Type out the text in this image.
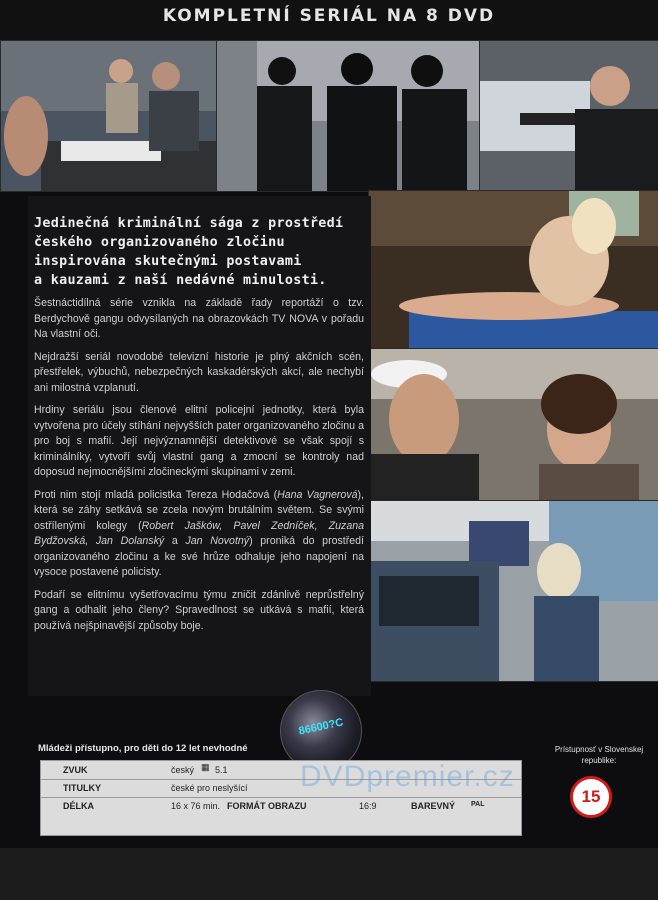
KOMPLETNÍ SERIÁL NA 8 DVD
Jedinečná kriminální sága z prostředí
českého organizovaného zločinu
inspirována skutečnými postavami
a kauzami z naší nedávné minulosti.

Šestnáctidílná série vznikla na základě řady reportáží o tzv. Berdychově gangu odvysílaných na obrazovkách TV NOVA v pořadu Na vlastní oči.

Nejdražší seriál novodobé televizní historie je plný akčních scén, přestřelek, výbuchů, nebezpečných kaskadérských akcí, ale nechybí ani milostná vzplanutí.

Hrdiny seriálu jsou členové elitní policejní jednotky, která byla vytvořena pro účely stíhání nejvyšších pater organizovaného zločinu a pro boj s mafií. Její nejvýznamnější detektivové se však spojí s kriminálníky, vytvoří svůj vlastní gang a zmocní se kontroly nad doposud nejmocnějšími zločineckými skupinami v zemi.

Proti nim stojí mladá policistka Tereza Hodačová (Hana Vagnerová), která se záhy setkává se zcela novým brutálním světem. Se svými ostřílenými kolegy (Robert Jašków, Pavel Zedníček, Zuzana Bydžovská, Jan Dolanský a Jan Novotný) proniká do prostředí organizovaného zločinu a ke své hrůze odhaluje jeho napojení na vysoce postavené policisty.

Podaří se elitnímu vyšetřovacímu týmu zničit zdánlivě neprůstřelný gang a odhalit jeho členy? Spravedlnost se utkává s mafií, která používá nejšpinavější způsoby boje.

86600?C
Mládeži přístupno, pro děti do 12 let nevhodné
ZVUK	český ▦ 5.1
TITULKY	české pro neslyšící
DÉLKA	16 x 76 min. FORMÁT OBRAZU	16:9	BAREVNÝ PAL
DVDpremier.cz
Prístupnosť v Slovenskej republike:
15
